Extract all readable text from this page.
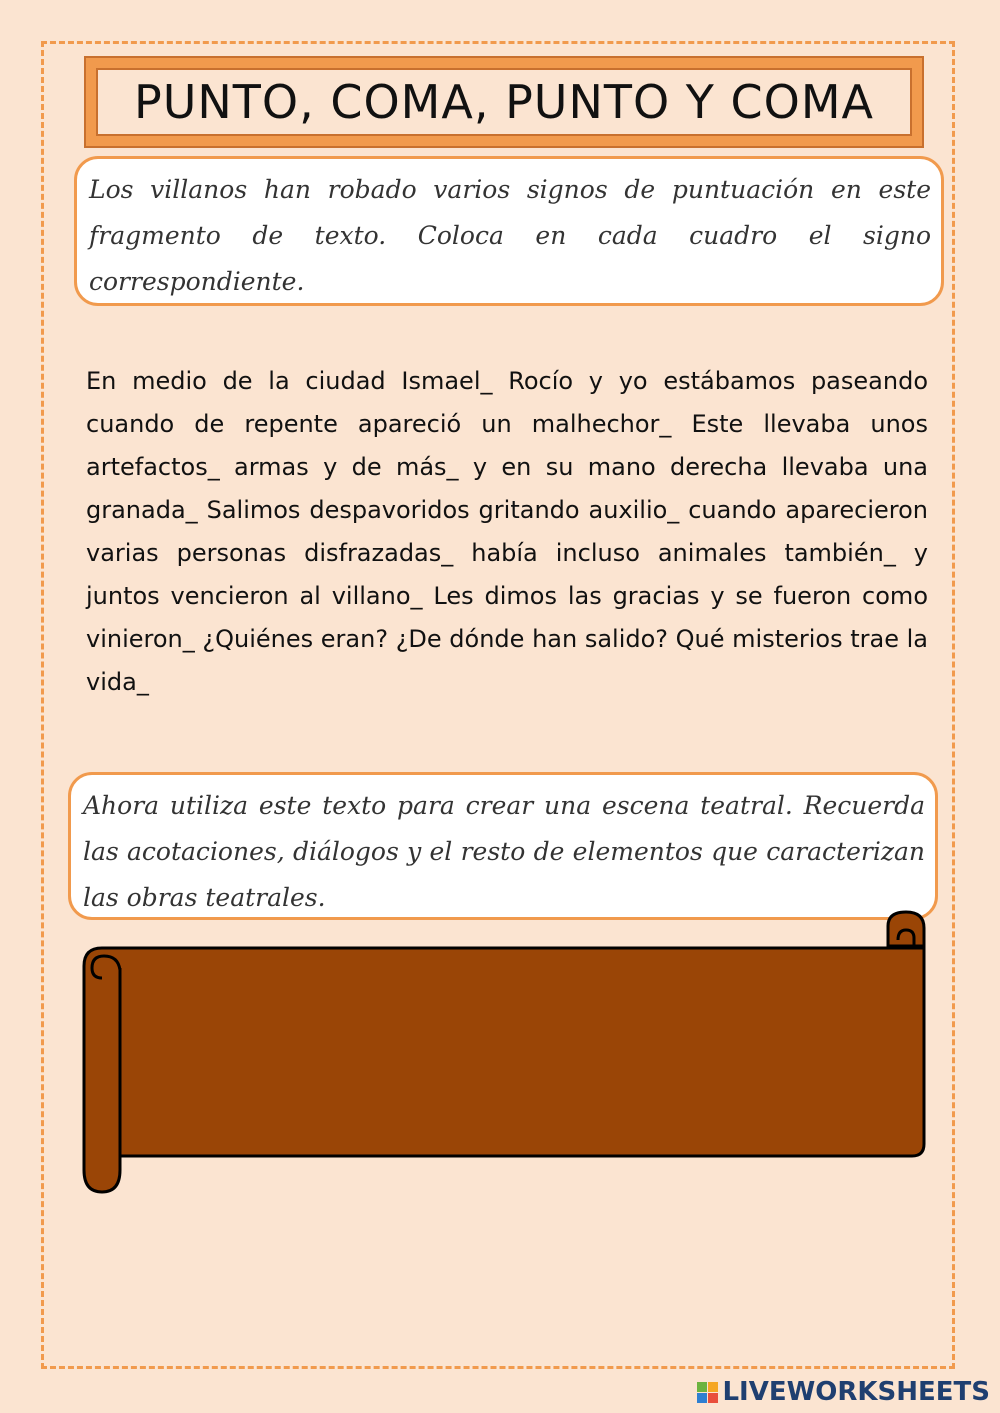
PUNTO, COMA, PUNTO Y COMA

Los villanos han robado varios signos de puntuación en este fragmento de texto. Coloca en cada cuadro el signo correspondiente.

En medio de la ciudad Ismael_ Rocío y yo estábamos paseando cuando de repente apareció un malhechor_ Este llevaba unos artefactos_ armas y de más_ y en su mano derecha llevaba una granada_ Salimos despavoridos gritando auxilio_ cuando aparecieron varias personas disfrazadas_ había incluso animales también_ y juntos vencieron al villano_ Les dimos las gracias y se fueron como vinieron_ ¿Quiénes eran? ¿De dónde han salido? Qué misterios trae la vida_

Ahora utiliza este texto para crear una escena teatral. Recuerda las acotaciones, diálogos y el resto de elementos que caracterizan las obras teatrales.

LIVEWORKSHEETS
